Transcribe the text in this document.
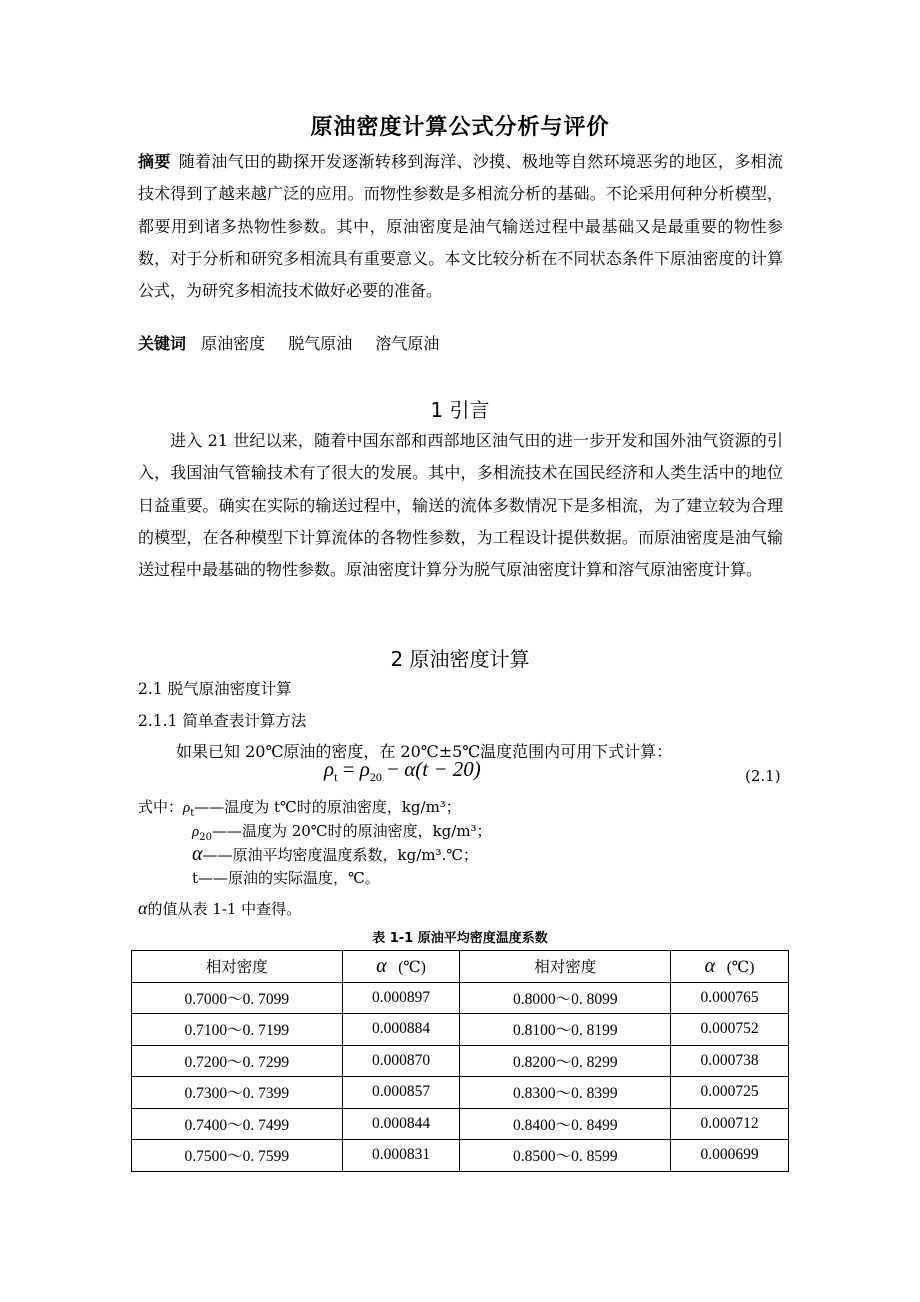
原油密度计算公式分析与评价

摘要 随着油气田的勘探开发逐渐转移到海洋、沙摸、极地等自然环境恶劣的地区，多相流技术得到了越来越广泛的应用。而物性参数是多相流分析的基础。不论采用何种分析模型，都要用到诸多热物性参数。其中，原油密度是油气输送过程中最基础又是最重要的物性参数，对于分析和研究多相流具有重要意义。本文比较分析在不同状态条件下原油密度的计算公式，为研究多相流技术做好必要的准备。

关键词 原油密度 脱气原油 溶气原油
1 引言

进入 21 世纪以来，随着中国东部和西部地区油气田的进一步开发和国外油气资源的引入，我国油气管输技术有了很大的发展。其中，多相流技术在国民经济和人类生活中的地位日益重要。确实在实际的输送过程中，输送的流体多数情况下是多相流，为了建立较为合理的模型，在各种模型下计算流体的各物性参数，为工程设计提供数据。而原油密度是油气输送过程中最基础的物性参数。原油密度计算分为脱气原油密度计算和溶气原油密度计算。

2 原油密度计算
2.1 脱气原油密度计算
2.1.1 简单查表计算方法
如果已知 20℃原油的密度，在 20℃±5℃温度范围内可用下式计算：
$\rho_t = \rho_{20} - \alpha(t - 20)$	(2.1)
式中：$\rho_t——$温度为 t℃时的原油密度，kg/m³；
$\rho_{20}——$温度为 20℃时的原油密度，kg/m³；
α——原油平均密度温度系数，kg/m³.℃；
t——原油的实际温度，℃。
α的值从表 1-1 中查得。
表 1-1 原油平均密度温度系数
相对密度	α (℃)	相对密度	α (℃)
0.7000～0. 7099	0.000897	0.8000～0. 8099	0.000765
0.7100～0. 7199	0.000884	0.8100～0. 8199	0.000752
0.7200～0. 7299	0.000870	0.8200～0. 8299	0.000738
0.7300～0. 7399	0.000857	0.8300～0. 8399	0.000725
0.7400～0. 7499	0.000844	0.8400～0. 8499	0.000712
0.7500～0. 7599	0.000831	0.8500～0. 8599	0.000699
